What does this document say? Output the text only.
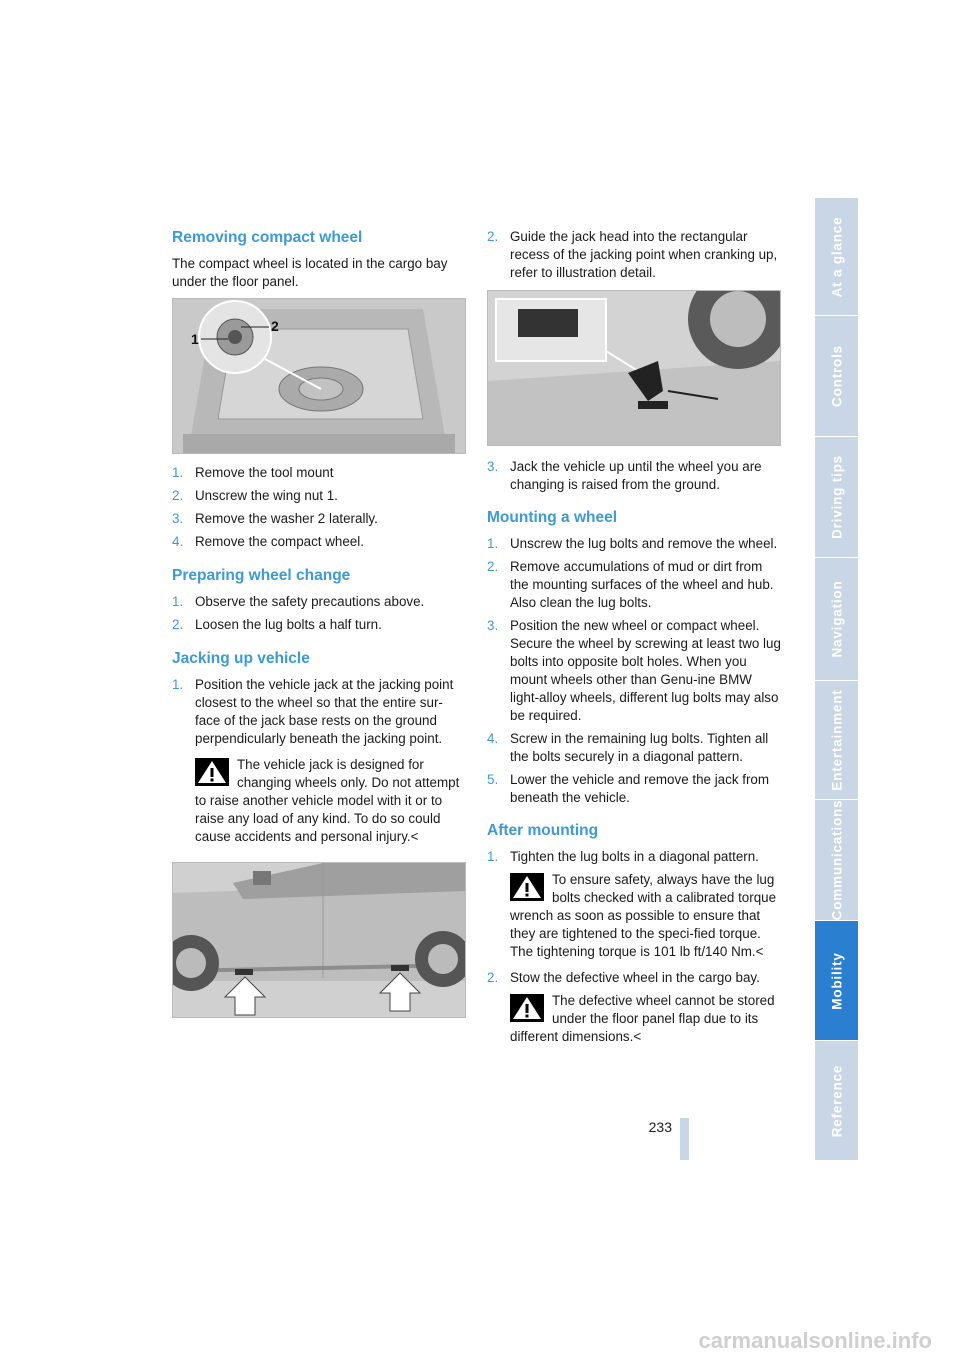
Removing compact wheel

The compact wheel is located in the cargo bay under the floor panel.

1
2
1. Remove the tool mount
2. Unscrew the wing nut 1.
3. Remove the washer 2 laterally.
4. Remove the compact wheel.
Preparing wheel change
1. Observe the safety precautions above.
2. Loosen the lug bolts a half turn.
Jacking up vehicle
1. Position the vehicle jack at the jacking point closest to the wheel so that the entire sur-face of the jack base rests on the ground perpendicularly beneath the jacking point.
The vehicle jack is designed for changing wheels only. Do not attempt to raise another vehicle model with it or to raise any load of any kind. To do so could cause accidents and personal injury.<
2. Guide the jack head into the rectangular recess of the jacking point when cranking up, refer to illustration detail.
3. Jack the vehicle up until the wheel you are changing is raised from the ground.
Mounting a wheel
1. Unscrew the lug bolts and remove the wheel.
2. Remove accumulations of mud or dirt from the mounting surfaces of the wheel and hub. Also clean the lug bolts.
3. Position the new wheel or compact wheel. Secure the wheel by screwing at least two lug bolts into opposite bolt holes. When you mount wheels other than Genu-ine BMW light-alloy wheels, different lug bolts may also be required.
4. Screw in the remaining lug bolts. Tighten all the bolts securely in a diagonal pattern.
5. Lower the vehicle and remove the jack from beneath the vehicle.
After mounting
1. Tighten the lug bolts in a diagonal pattern.
To ensure safety, always have the lug bolts checked with a calibrated torque wrench as soon as possible to ensure that they are tightened to the speci-fied torque. The tightening torque is 101 lb ft/140 Nm.<
2. Stow the defective wheel in the cargo bay.
The defective wheel cannot be stored under the floor panel flap due to its different dimensions.<
At a glance
Controls
Driving tips
Navigation
Entertainment
Communications
Mobility
Reference
233
carmanualsonline.info
